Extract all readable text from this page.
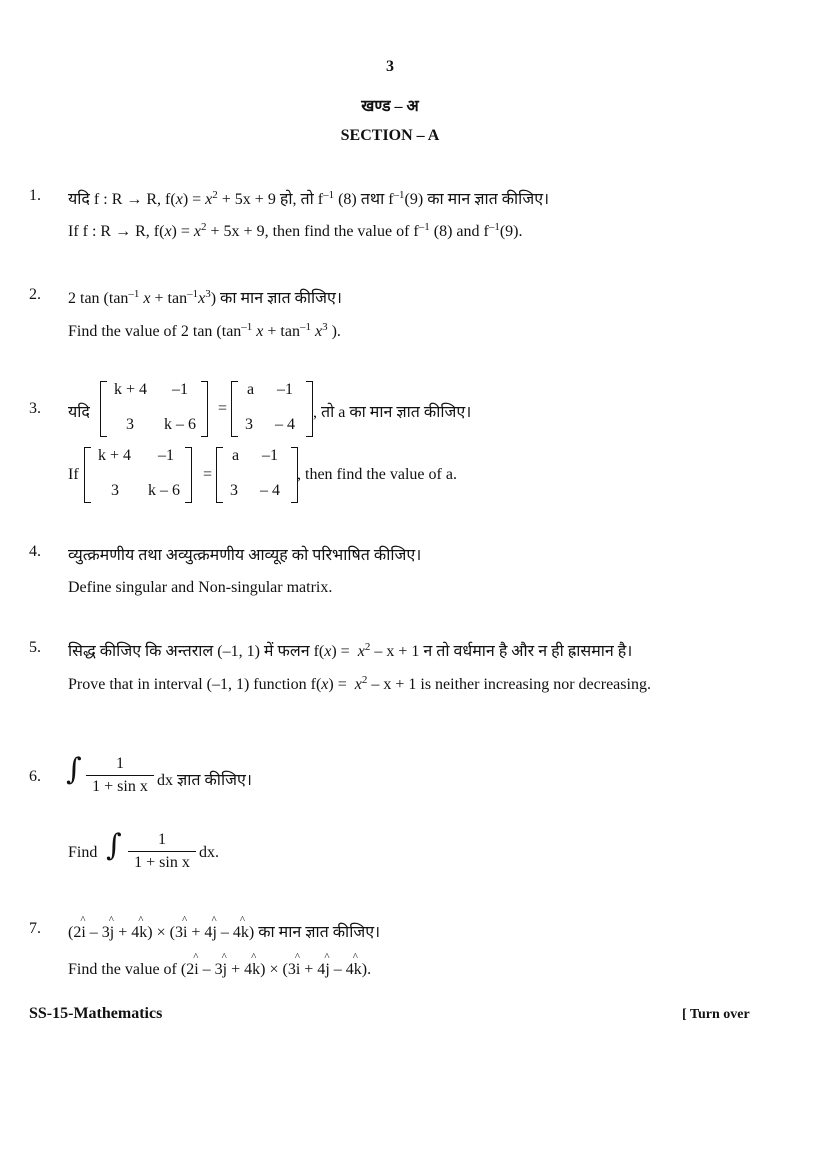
3
खण्ड – अ
SECTION – A
1. यदि f : R → R, $f(x) = x^2 + 5x + 9$ हो, तो $f^{-1}$ (8) तथा $f^{-1}(9)$ का मान ज्ञात कीजिए।
If f : R → R, $f(x) = x^2 + 5x + 9$, then find the value of $f^{-1}$ (8) and $f^{-1}(9)$.
2. 2 $\tan (\tan^{-1}$ $x + \tan^{-1}x^3$) का मान ज्ञात कीजिए।
Find the value of 2 $\tan (\tan^{-1}$ $x + \tan^{-1} x^3$ ).
3. यदि
k + 4 –1
3 k – 6
=
a –1
3 – 4
, तो a का मान ज्ञात कीजिए।
If
k + 4 –1
3 k – 6
=
a –1
3 – 4
, then find the value of a.
4. व्युत्क्रमणीय तथा अव्युत्क्रमणीय आव्यूह को परिभाषित कीजिए।
Define singular and Non-singular matrix.
5. सिद्ध कीजिए कि अन्तराल (–1, 1) में फलन $f(x) = x^2 - x + 1$ न तो वर्धमान है और न ही ह्रासमान है।
Prove that in interval (–1, 1) function $f(x) = x^2 - x + 1$ is neither increasing nor decreasing.
6. ∫	1
1 + sin x dx ज्ञात कीजिए।
Find ∫	1
1 + sin x
dx.
7. (2^ i – 3^ j + 4^ k) × (3^ i + 4^ j – 4^ k) का मान ज्ञात कीजिए।
Find the value of (2^ i – 3^ j + 4^ k) × (3^ i + 4^ j – 4^ k).
SS-15-Mathematics	[ Turn over
